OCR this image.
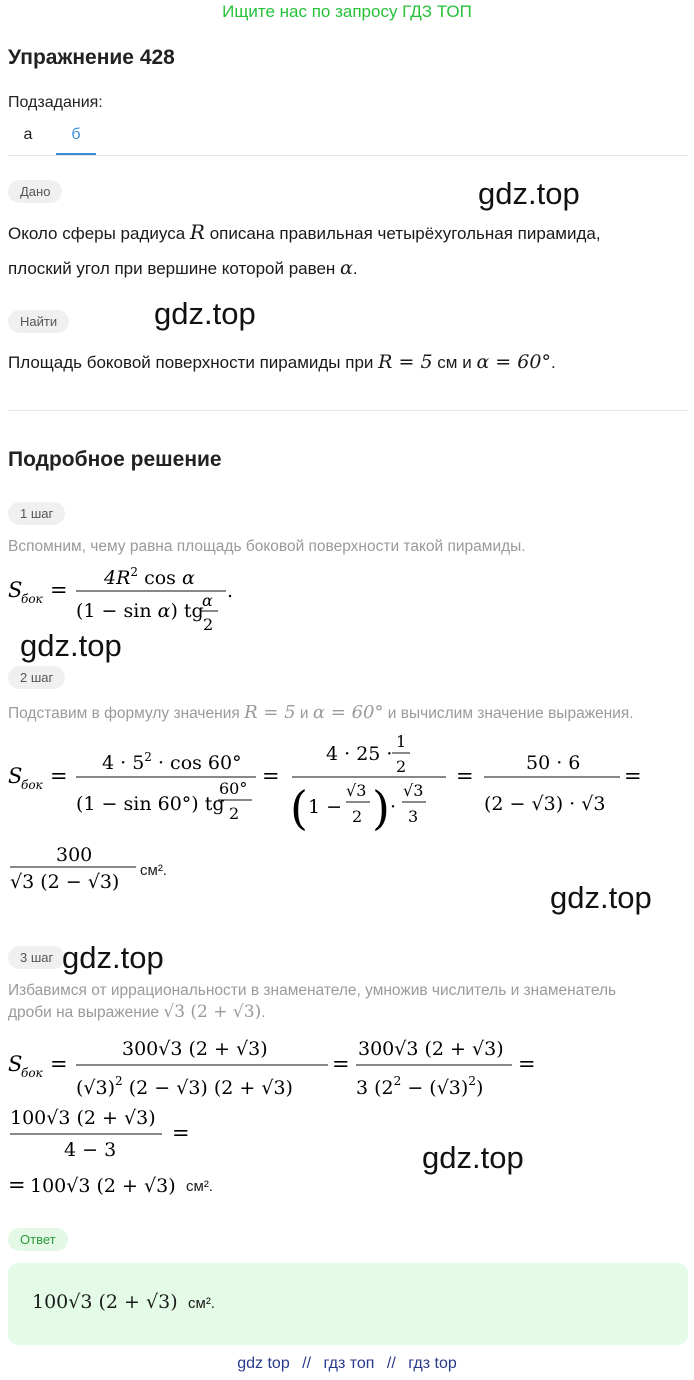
Ищите нас по запросу ГДЗ ТОП
Упражнение 428
Подзадания:
а	б
Дано	gdz.top
Около сферы радиуса R описана правильная четырёхугольная пирамида,
плоский угол при вершине которой равен α.
Найти	gdz.top
Площадь боковой поверхности пирамиды при R = 5 см и α = 60°.
Подробное решение
1 шаг
Вспомним, чему равна площадь боковой поверхности такой пирамиды.
S
бок = $4R^2$ cos α
(1 − sin α) tg
α
2
.
gdz.top
2 шаг
Подставим в формулу значения R = 5 и α = 60° и вычислим значение выражения.
S
бок =
$4 \cdot 5^2 \cdot \cos 60^\circ$
(1 − sin 60°) tg
60°
2
=
4 · 25 ·
1
2
( 1 −
√3
2 ) ·
√3
3
=
50 · 6
(2 − √3) · √3
=
300
√3 (2 − √3)
см².
gdz.top
3 шаг gdz.top
Избавимся от иррациональности в знаменателе, умножив числитель и знаменатель
дроби на выражение √3 (2 + √3).
S
бок =
300√3 (2 + √3)
$(√3)^2$ (2 − √3) (2 + √3)
=
300√3 (2 + √3)
3 $(2^2 - (√3)^2)$
=
100√3 (2 + √3)
4 − 3
=
gdz.top
= 100√3 (2 + √3) см².
Ответ
100√3 (2 + √3) см².
gdz top // гдз топ // гдз top
